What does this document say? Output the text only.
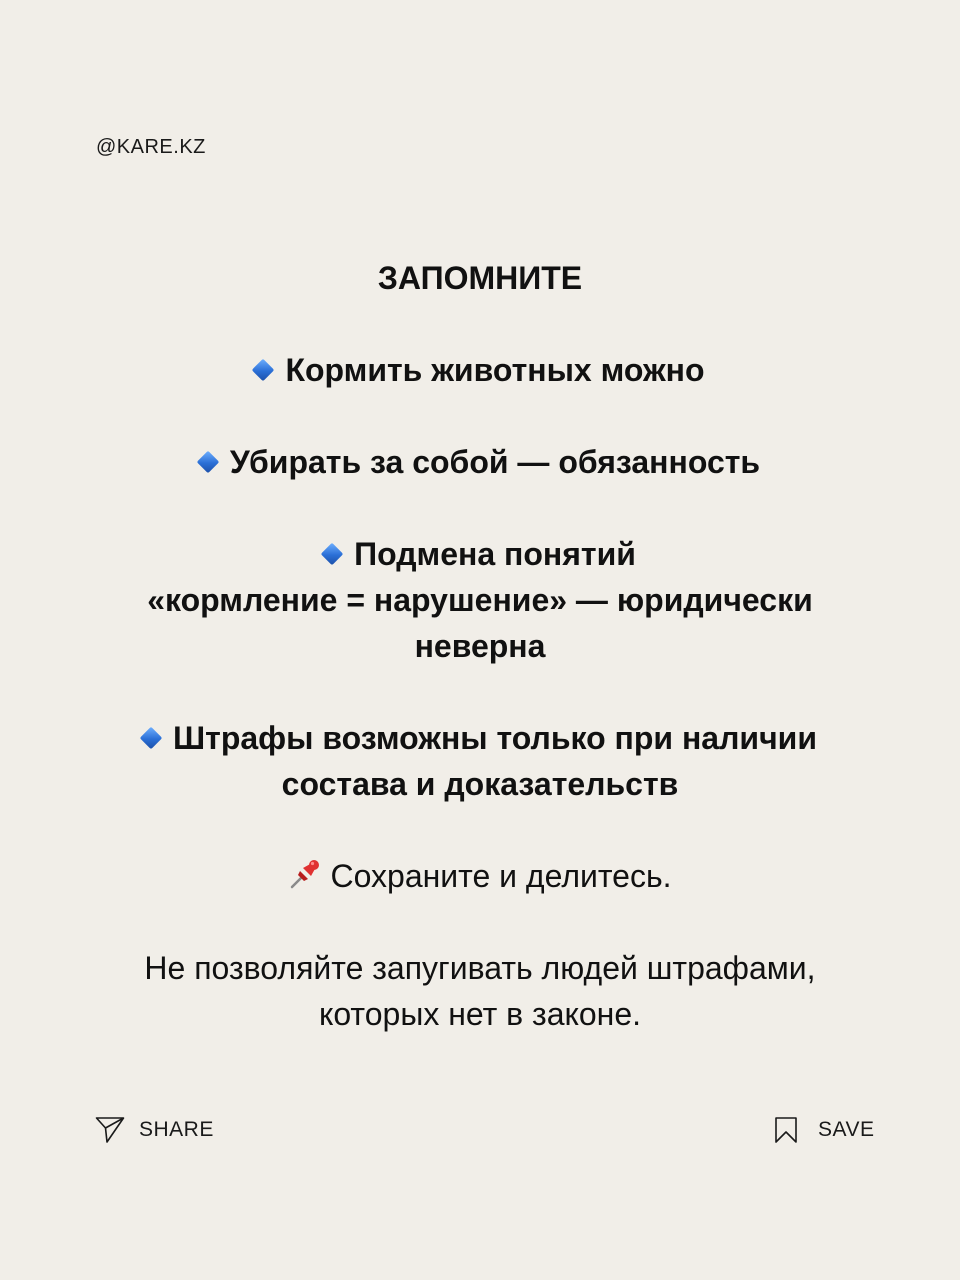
@KARE.KZ
ЗАПОМНИТЕ
Кормить животных можно
Убирать за собой — обязанность
Подмена понятий
«кормление = нарушение» — юридически
неверна
Штрафы возможны только при наличии
состава и доказательств
Сохраните и делитесь.
Не позволяйте запугивать людей штрафами,
которых нет в законе.
SHARE	SAVE
